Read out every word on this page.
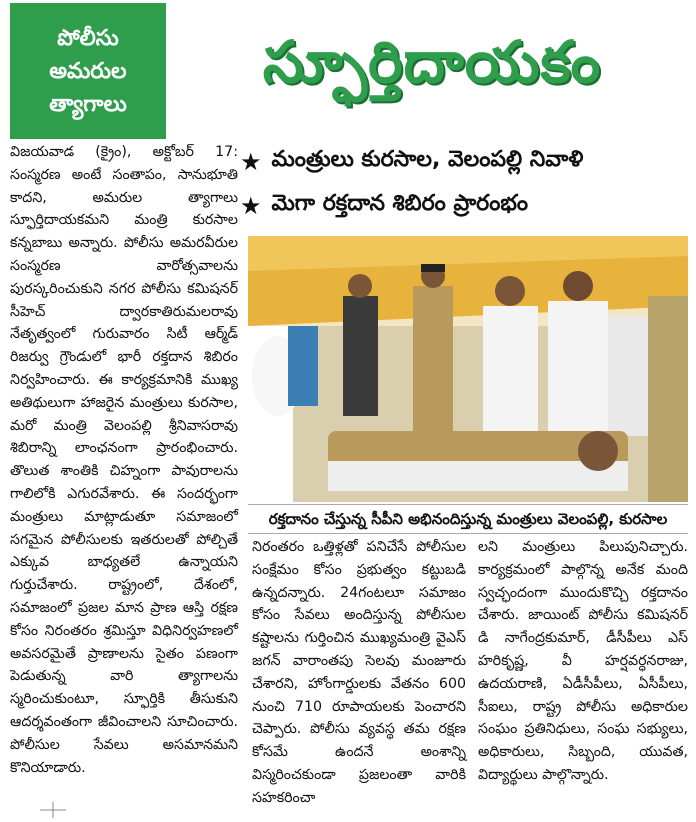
పోలీసు
అమరుల
త్యాగాలు
స్ఫూర్తిదాయకం
★ మంత్రులు కురసాల, వెలంపల్లి నివాళి
★ మెగా రక్తదాన శిబిరం ప్రారంభం

విజయవాడ (క్రైం), అక్టోబర్ 17: సంస్మరణ అంటే సంతాపం, సానుభూతి కాదని, అమరుల త్యాగాలు స్ఫూర్తిదాయకమని మంత్రి కురసాల కన్నబాబు అన్నారు. పోలీసు అమరవీరుల సంస్మరణ వారోత్సవాలను పురస్కరించుకుని నగర పోలీసు కమిషనర్ సీహెచ్ ద్వారకాతిరుమలరావు నేతృత్వంలో గురువారం సిటీ ఆర్మ్‌డ్ రిజర్వు గ్రౌండులో భారీ రక్తదాన శిబిరం నిర్వహించారు. ఈ కార్యక్రమానికి ముఖ్య అతిథులుగా హాజరైన మంత్రులు కురసాల, మరో మంత్రి వెలంపల్లి శ్రీనివాసరావు శిబిరాన్ని లాంఛనంగా ప్రారంభించారు. తొలుత శాంతికి చిహ్నంగా పావురాలను గాలిలోకి ఎగురవేశారు. ఈ సందర్భంగా మంత్రులు మాట్లాడుతూ సమాజంలో సగమైన పోలీసులకు ఇతరులతో పోల్చితే ఎక్కువ బాధ్యతలే ఉన్నాయని గుర్తుచేశారు. రాష్ట్రంలో, దేశంలో, సమాజంలో ప్రజల మాన ప్రాణ ఆస్తి రక్షణ కోసం నిరంతరం శ్రమిస్తూ విధినిర్వహణలో అవసరమైతే ప్రాణాలను సైతం పణంగా పెడుతున్న వారి త్యాగాలను స్మరించుకుంటూ, స్ఫూర్తికి తీసుకుని ఆదర్శవంతంగా జీవించాలని సూచించారు. పోలీసుల సేవలు అసమానమని కొనియాడారు.

రక్తదానం చేస్తున్న సీపీని అభినందిస్తున్న మంత్రులు వెలంపల్లి, కురసాల

నిరంతరం ఒత్తిళ్లతో పనిచేసే పోలీసుల సంక్షేమం కోసం ప్రభుత్వం కట్టుబడి ఉన్నదన్నారు. 24గంటలూ సమాజం కోసం సేవలు అందిస్తున్న పోలీసుల కష్టాలను గుర్తించిన ముఖ్యమంత్రి వైఎస్ జగన్ వారాంతపు సెలవు మంజూరు చేశారని, హోంగార్డులకు వేతనం 600 నుంచి 710 రూపాయలకు పెంచారని చెప్పారు. పోలీసు వ్యవస్థ తమ రక్షణ కోసమే ఉందనే అంశాన్ని విస్మరించకుండా ప్రజలంతా వారికి సహకరించా

లని మంత్రులు పిలుపునిచ్చారు. కార్యక్రమంలో పాల్గొన్న అనేక మంది స్వచ్ఛందంగా ముందుకొచ్చి రక్తదానం చేశారు. జాయింట్ పోలీసు కమిషనర్ డి నాగేంద్రకుమార్, డీసీపీలు ఎస్ హరికృష్ణ, వీ హర్షవర్ధనరాజు, ఉదయరాణి, ఏడీసీపీలు, ఏసీపీలు, సీఐలు, రాష్ట్ర పోలీసు అధికారుల సంఘం ప్రతినిధులు, సంఘ సభ్యులు, అధికారులు, సిబ్బంది, యువత, విద్యార్థులు పాల్గొన్నారు.
